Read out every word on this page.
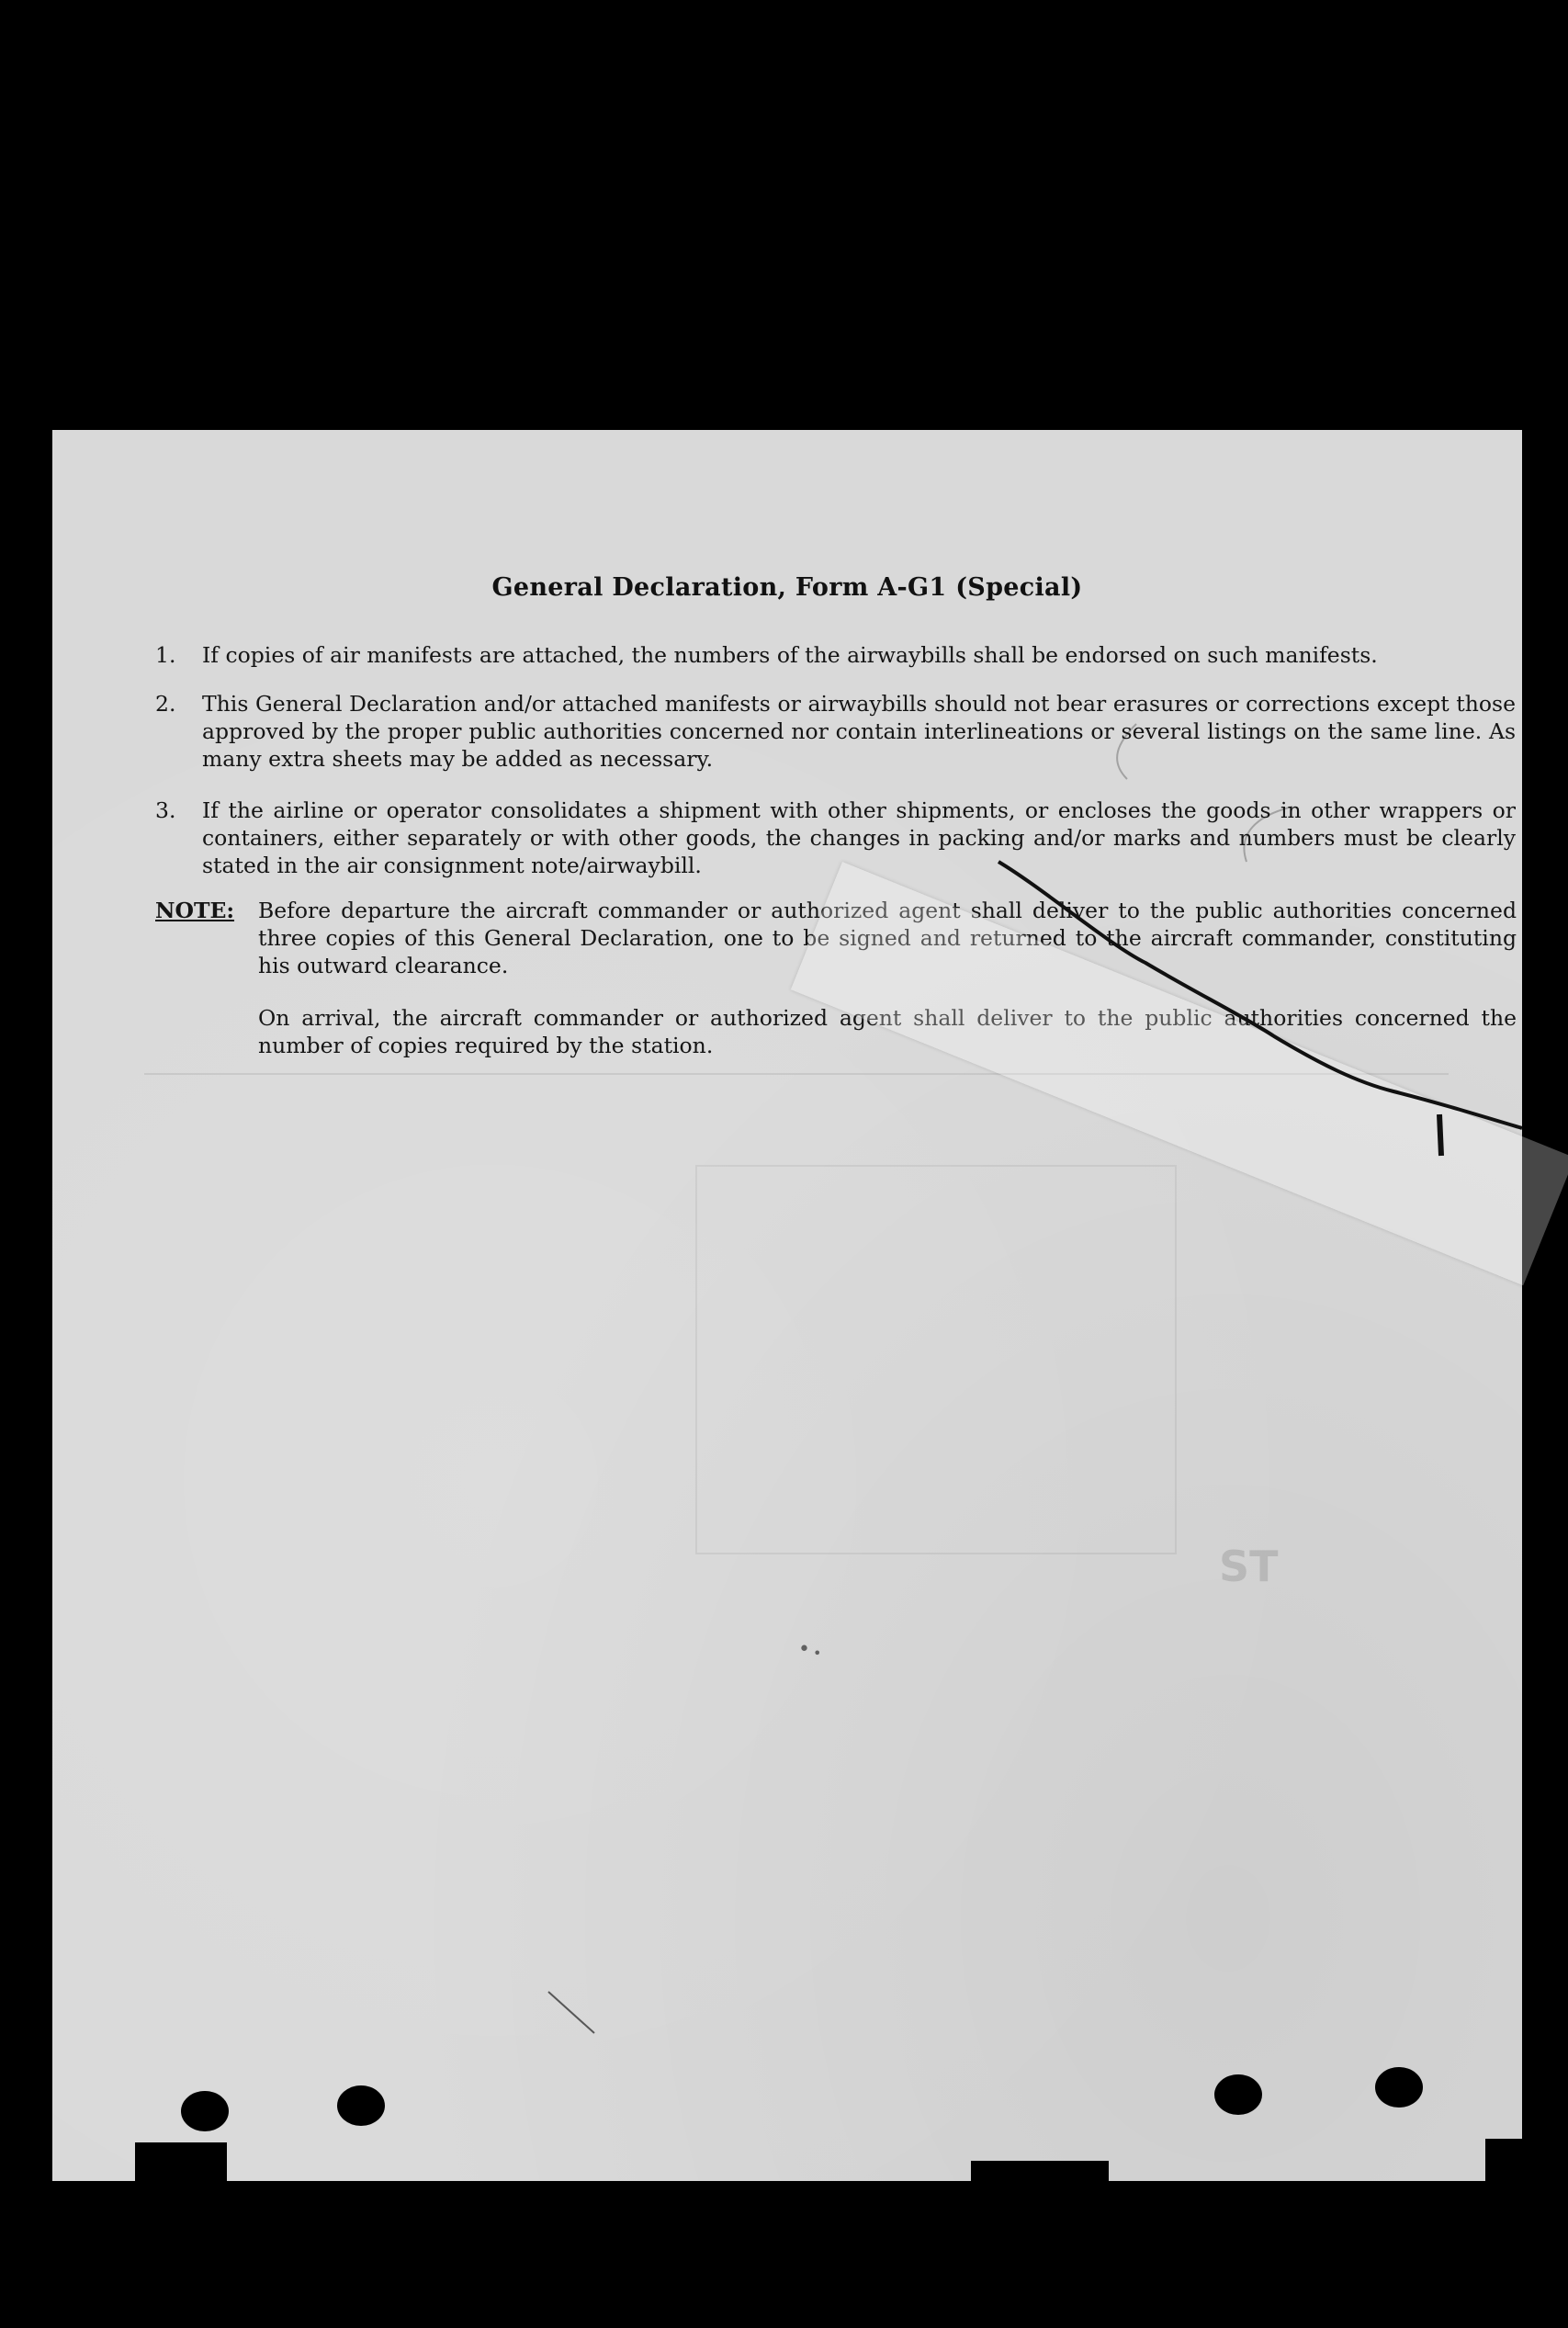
General Declaration, Form A-G1 (Special)
1. If copies of air manifests are attached, the numbers of the airwaybills shall be endorsed on such manifests.
2. This General Declaration and/or attached manifests or airwaybills should not bear erasures or corrections except those approved by the proper public authorities concerned nor contain interlineations or several listings on the same line. As many extra sheets may be added as necessary.
3. If the airline or operator consolidates a shipment with other shipments, or encloses the goods in other wrappers or containers, either separately or with other goods, the changes in packing and/or marks and numbers must be clearly stated in the air consignment note/airwaybill.
NOTE: Before departure the aircraft commander or authorized agent shall deliver to the public authorities concerned three copies of this General Declaration, one to be signed and returned to the aircraft commander, constituting his outward clearance.
On arrival, the aircraft commander or authorized agent shall deliver to the public authorities concerned the number of copies required by the station.
ST
• •
